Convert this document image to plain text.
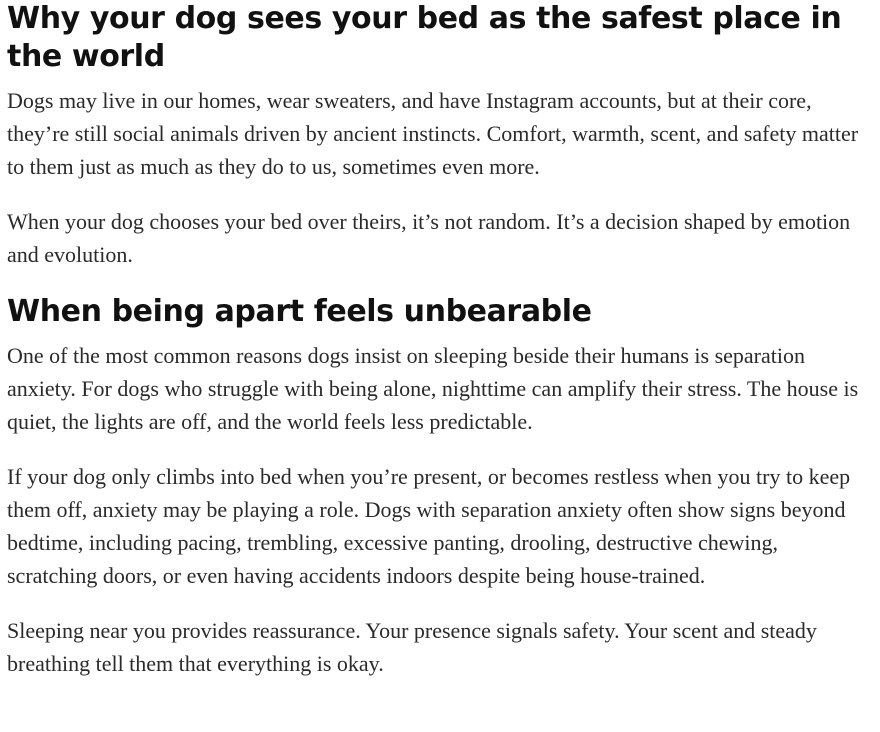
Why your dog sees your bed as the safest place in the world

Dogs may live in our homes, wear sweaters, and have Instagram accounts, but at their core, they’re still social animals driven by ancient instincts. Comfort, warmth, scent, and safety matter to them just as much as they do to us, sometimes even more.

When your dog chooses your bed over theirs, it’s not random. It’s a decision shaped by emotion and evolution.

When being apart feels unbearable

One of the most common reasons dogs insist on sleeping beside their humans is separation anxiety. For dogs who struggle with being alone, nighttime can amplify their stress. The house is quiet, the lights are off, and the world feels less predictable.

If your dog only climbs into bed when you’re present, or becomes restless when you try to keep them off, anxiety may be playing a role. Dogs with separation anxiety often show signs beyond bedtime, including pacing, trembling, excessive panting, drooling, destructive chewing, scratching doors, or even having accidents indoors despite being house-trained.

Sleeping near you provides reassurance. Your presence signals safety. Your scent and steady breathing tell them that everything is okay.
